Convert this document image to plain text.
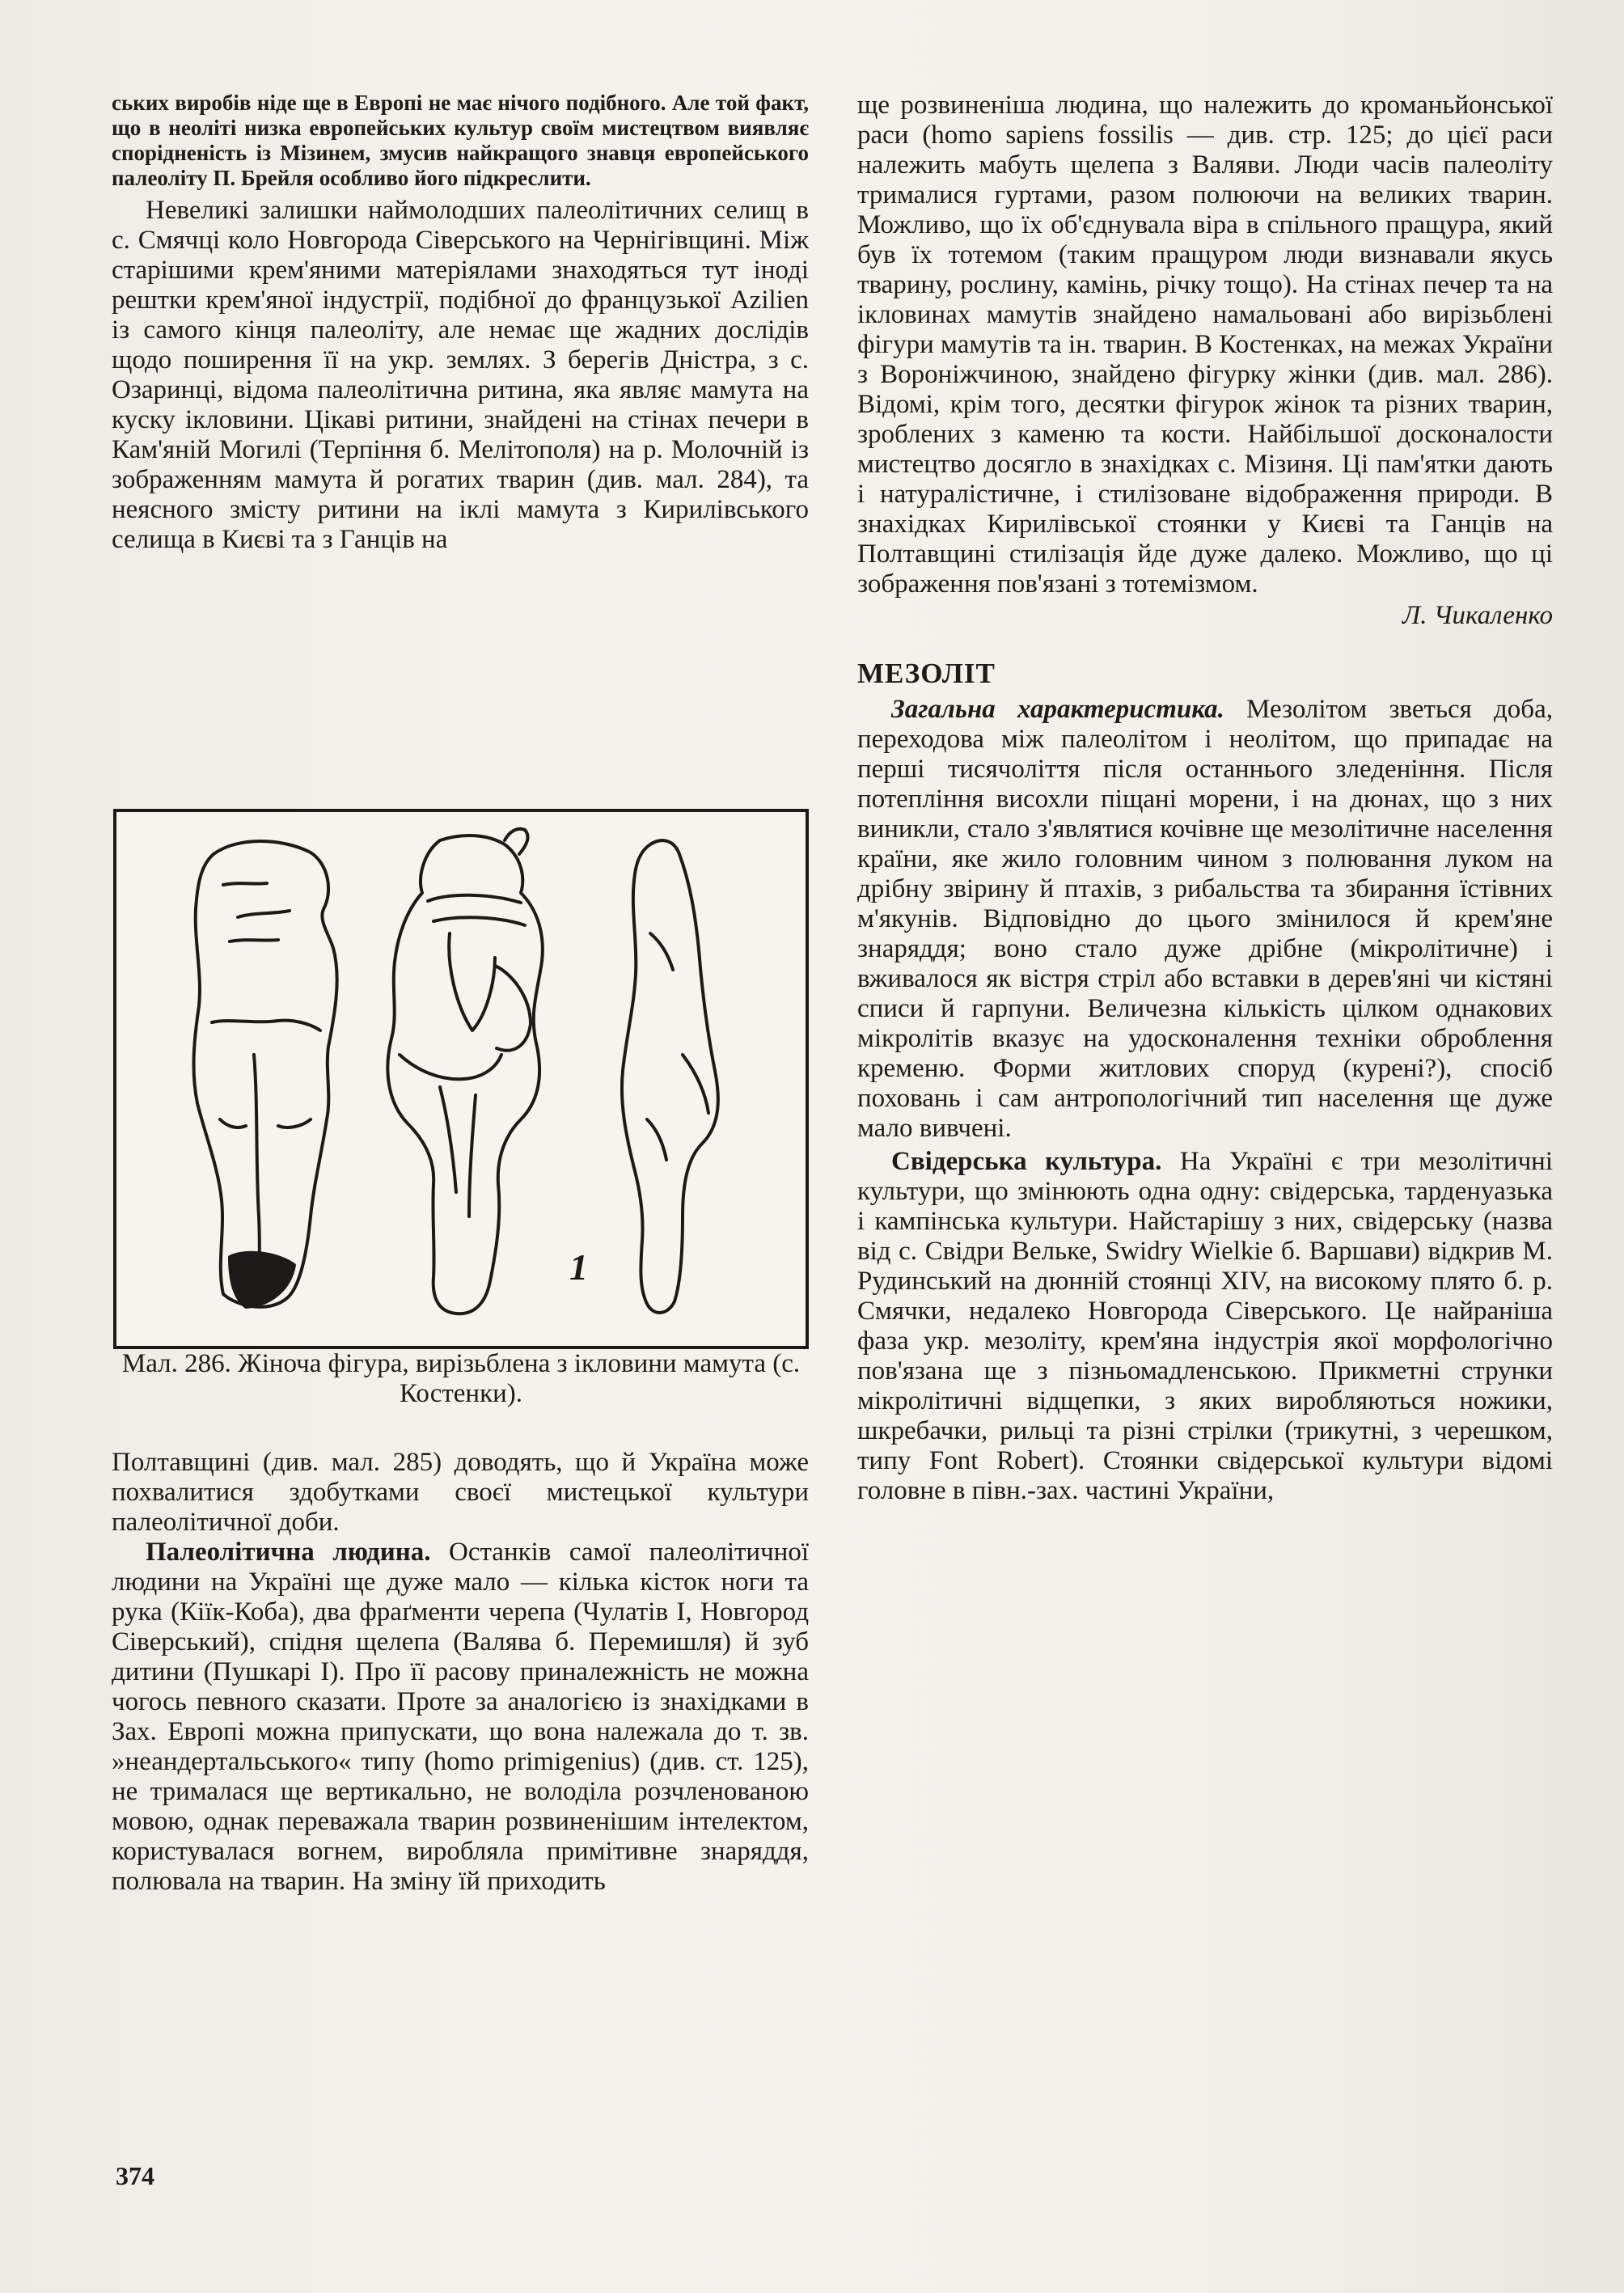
ських виробів ніде ще в Европі не має нічого подібного. Але той факт, що в неоліті низка европейських культур своїм мистецтвом виявляє спорідненість із Мізинем, змусив найкращого знавця европейського палеоліту П. Брейля особливо його підкреслити.

Невеликі залишки наймолодших палеолітичних селищ в с. Смячці коло Новгорода Сіверського на Чернігівщині. Між старішими крем'яними матеріялами знаходяться тут іноді рештки крем'яної індустрії, подібної до французької Azilien із самого кінця палеоліту, але немає ще жадних дослідів щодо поширення її на укр. землях. З берегів Дністра, з с. Озаринці, відома палеолітична ритина, яка являє мамута на куску ікловини. Цікаві ритини, знайдені на стінах печери в Кам'яній Могилі (Терпіння б. Мелітополя) на р. Молочній із зображенням мамута й рогатих тварин (див. мал. 284), та неясного змісту ритини на іклі мамута з Кирилівського селища в Києві та з Ганців на

1
Мал. 286. Жіноча фігура, вирізьблена з ікловини мамута (с. Костенки).

Полтавщині (див. мал. 285) доводять, що й Україна може похвалитися здобутками своєї мистецької культури палеолітичної доби.

Палеолітична людина. Останків самої палеолітичної людини на Україні ще дуже мало — кілька кісток ноги та рука (Кіїк-Коба), два фраґменти черепа (Чулатів I, Новгород Сіверський), спідня щелепа (Валява б. Перемишля) й зуб дитини (Пушкарі I). Про її расову приналежність не можна чогось певного сказати. Проте за аналогією із знахідками в Зах. Европі можна припускати, що вона належала до т. зв. »неандертальського« типу (homo primigenius) (див. ст. 125), не трималася ще вертикально, не володіла розчленованою мовою, однак переважала тварин розвиненішим інтелектом, користувалася вогнем, виробляла примітивне знаряддя, полювала на тварин. На зміну їй приходить

ще розвиненіша людина, що належить до кроманьйонської раси (homo sapiens fossilis — див. стр. 125; до цієї раси належить мабуть щелепа з Валяви. Люди часів палеоліту трималися гуртами, разом полюючи на великих тварин. Можливо, що їх об'єднувала віра в спільного пращура, який був їх тотемом (таким пращуром люди визнавали якусь тварину, рослину, камінь, річку тощо). На стінах печер та на ікловинах мамутів знайдено намальовані або вирізьблені фігури мамутів та ін. тварин. В Костенках, на межах України з Вороніжчиною, знайдено фігурку жінки (див. мал. 286). Відомі, крім того, десятки фігурок жінок та різних тварин, зроблених з каменю та кости. Найбільшої досконалости мистецтво досягло в знахідках с. Мізиня. Ці пам'ятки дають і натуралістичне, і стилізоване відображення природи. В знахідках Кирилівської стоянки у Києві та Ганців на Полтавщині стилізація йде дуже далеко. Можливо, що ці зображення пов'язані з тотемізмом.

Л. Чикаленко
МЕЗОЛІТ

Загальна характеристика. Мезолітом зветься доба, переходова між палеолітом і неолітом, що припадає на перші тисячоліття після останнього зледеніння. Після потепління висохли піщані морени, і на дюнах, що з них виникли, стало з'являтися кочівне ще мезолітичне населення країни, яке жило головним чином з полювання луком на дрібну звірину й птахів, з рибальства та збирання їстівних м'якунів. Відповідно до цього змінилося й крем'яне знаряддя; воно стало дуже дрібне (мікролітичне) і вживалося як вістря стріл або вставки в дерев'яні чи кістяні списи й гарпуни. Величезна кількість цілком однакових мікролітів вказує на удосконалення техніки оброблення кременю. Форми житлових споруд (курені?), спосіб поховань і сам антропологічний тип населення ще дуже мало вивчені.

Свідерська культура. На Україні є три мезолітичні культури, що змінюють одна одну: свідерська, тарденуазька і кампінська культури. Найстарішу з них, свідерську (назва від с. Свідри Вельке, Swidry Wielkie б. Варшави) відкрив М. Рудинський на дюнній стоянці XIV, на високому плято б. р. Смячки, недалеко Новгорода Сіверського. Це найраніша фаза укр. мезоліту, крем'яна індустрія якої морфологічно пов'язана ще з пізньомадленською. Прикметні струнки мікролітичні відщепки, з яких виробляються ножики, шкребачки, рильці та різні стрілки (трикутні, з черешком, типу Font Robert). Стоянки свідерської культури відомі головне в півн.-зах. частині України,

374
